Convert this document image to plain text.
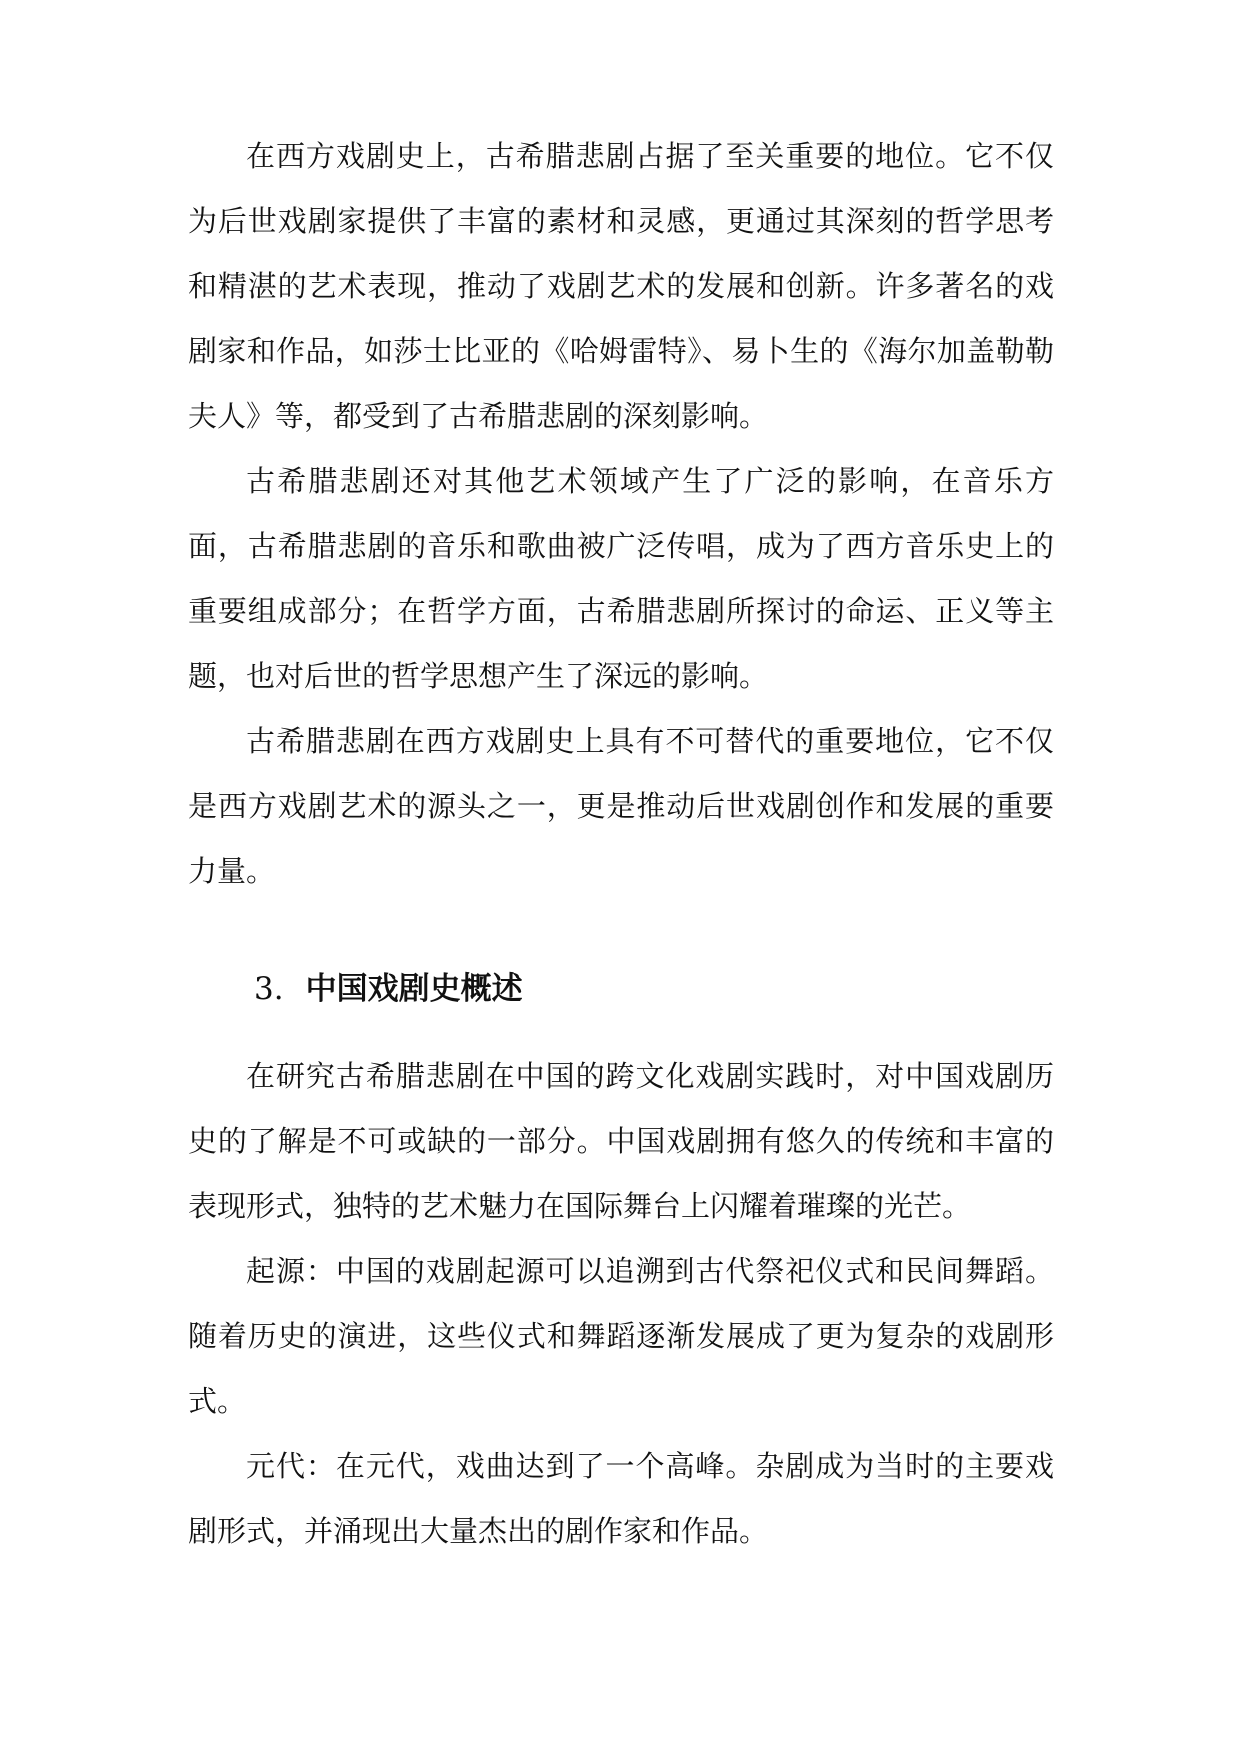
在西方戏剧史上，古希腊悲剧占据了至关重要的地位。它不仅为后世戏剧家提供了丰富的素材和灵感，更通过其深刻的哲学思考和精湛的艺术表现，推动了戏剧艺术的发展和创新。许多著名的戏剧家和作品，如莎士比亚的《哈姆雷特》、易卜生的《海尔加盖勒勒夫人》等，都受到了古希腊悲剧的深刻影响。

古希腊悲剧还对其他艺术领域产生了广泛的影响，在音乐方面，古希腊悲剧的音乐和歌曲被广泛传唱，成为了西方音乐史上的重要组成部分；在哲学方面，古希腊悲剧所探讨的命运、正义等主题，也对后世的哲学思想产生了深远的影响。

古希腊悲剧在西方戏剧史上具有不可替代的重要地位，它不仅是西方戏剧艺术的源头之一，更是推动后世戏剧创作和发展的重要力量。

3. 中国戏剧史概述

在研究古希腊悲剧在中国的跨文化戏剧实践时，对中国戏剧历史的了解是不可或缺的一部分。中国戏剧拥有悠久的传统和丰富的表现形式，独特的艺术魅力在国际舞台上闪耀着璀璨的光芒。

起源：中国的戏剧起源可以追溯到古代祭祀仪式和民间舞蹈。随着历史的演进，这些仪式和舞蹈逐渐发展成了更为复杂的戏剧形式。

元代：在元代，戏曲达到了一个高峰。杂剧成为当时的主要戏剧形式，并涌现出大量杰出的剧作家和作品。
